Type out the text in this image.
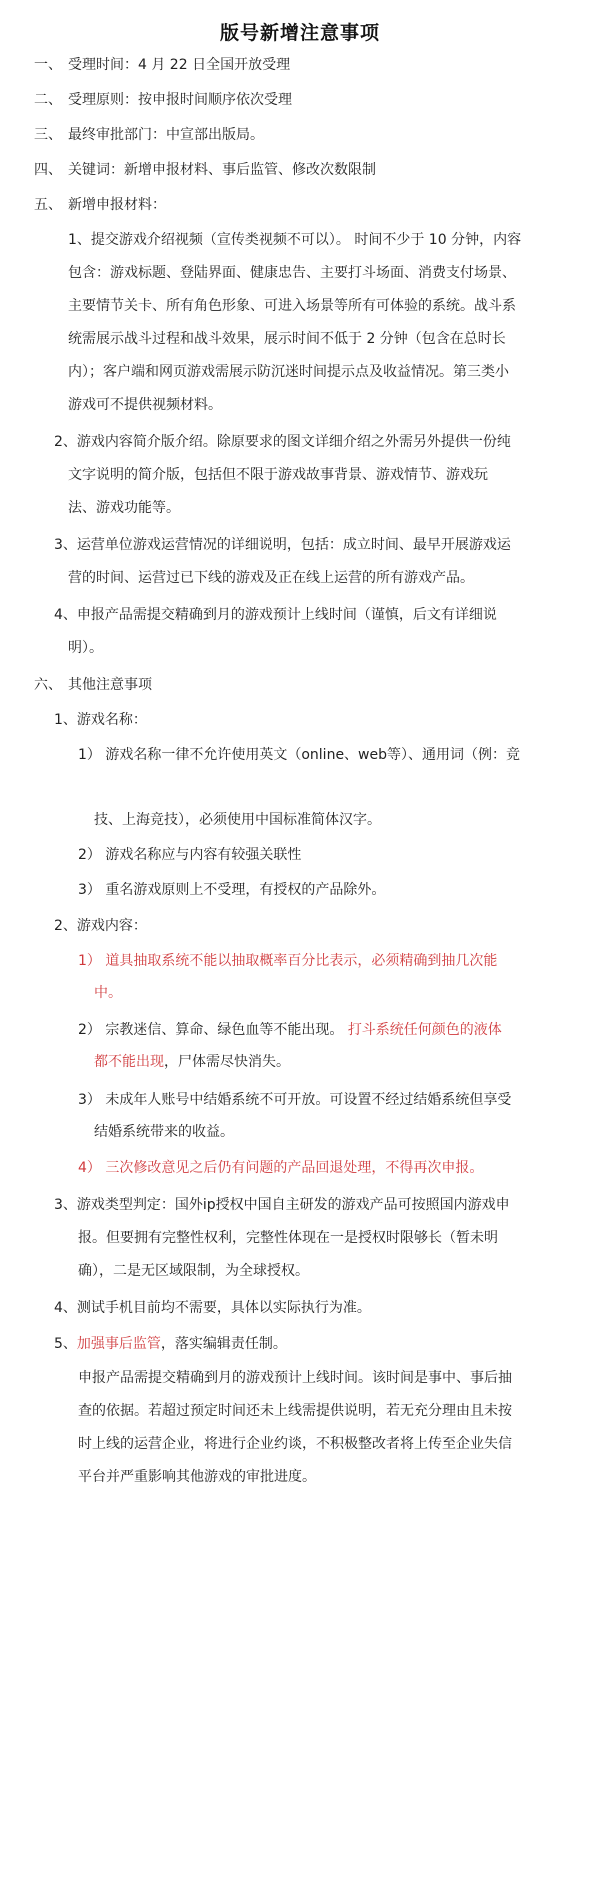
版号新增注意事项
一、 受理时间：4 月 22 日全国开放受理
二、 受理原则：按申报时间顺序依次受理
三、 最终审批部门：中宣部出版局。
四、 关键词：新增申报材料、事后监管、修改次数限制
五、 新增申报材料：
1、提交游戏介绍视频（宣传类视频不可以）。 时间不少于 10 分钟，内容
包含：游戏标题、登陆界面、健康忠告、主要打斗场面、消费支付场景、
主要情节关卡、所有角色形象、可进入场景等所有可体验的系统。战斗系
统需展示战斗过程和战斗效果，展示时间不低于 2 分钟（包含在总时长
内）；客户端和网页游戏需展示防沉迷时间提示点及收益情况。第三类小
游戏可不提供视频材料。
2、游戏内容简介版介绍。除原要求的图文详细介绍之外需另外提供一份纯
文字说明的简介版，包括但不限于游戏故事背景、游戏情节、游戏玩
法、游戏功能等。
3、运营单位游戏运营情况的详细说明，包括：成立时间、最早开展游戏运
营的时间、运营过已下线的游戏及正在线上运营的所有游戏产品。
4、申报产品需提交精确到月的游戏预计上线时间（谨慎，后文有详细说
明）。
六、 其他注意事项
1、游戏名称：
1） 游戏名称一律不允许使用英文（online、web等）、通用词（例：竞
技、上海竞技），必须使用中国标准简体汉字。
2） 游戏名称应与内容有较强关联性
3） 重名游戏原则上不受理，有授权的产品除外。
2、游戏内容：
1） 道具抽取系统不能以抽取概率百分比表示，必须精确到抽几次能
中。
2） 宗教迷信、算命、绿色血等不能出现。 打斗系统任何颜色的液体
都不能出现，尸体需尽快消失。
3） 未成年人账号中结婚系统不可开放。可设置不经过结婚系统但享受
结婚系统带来的收益。
4） 三次修改意见之后仍有问题的产品回退处理，不得再次申报。
3、游戏类型判定：国外ip授权中国自主研发的游戏产品可按照国内游戏申
报。但要拥有完整性权利，完整性体现在一是授权时限够长（暂未明
确），二是无区域限制，为全球授权。
4、测试手机目前均不需要，具体以实际执行为准。
5、加强事后监管，落实编辑责任制。
申报产品需提交精确到月的游戏预计上线时间。该时间是事中、事后抽
查的依据。若超过预定时间还未上线需提供说明，若无充分理由且未按
时上线的运营企业，将进行企业约谈，不积极整改者将上传至企业失信
平台并严重影响其他游戏的审批进度。
